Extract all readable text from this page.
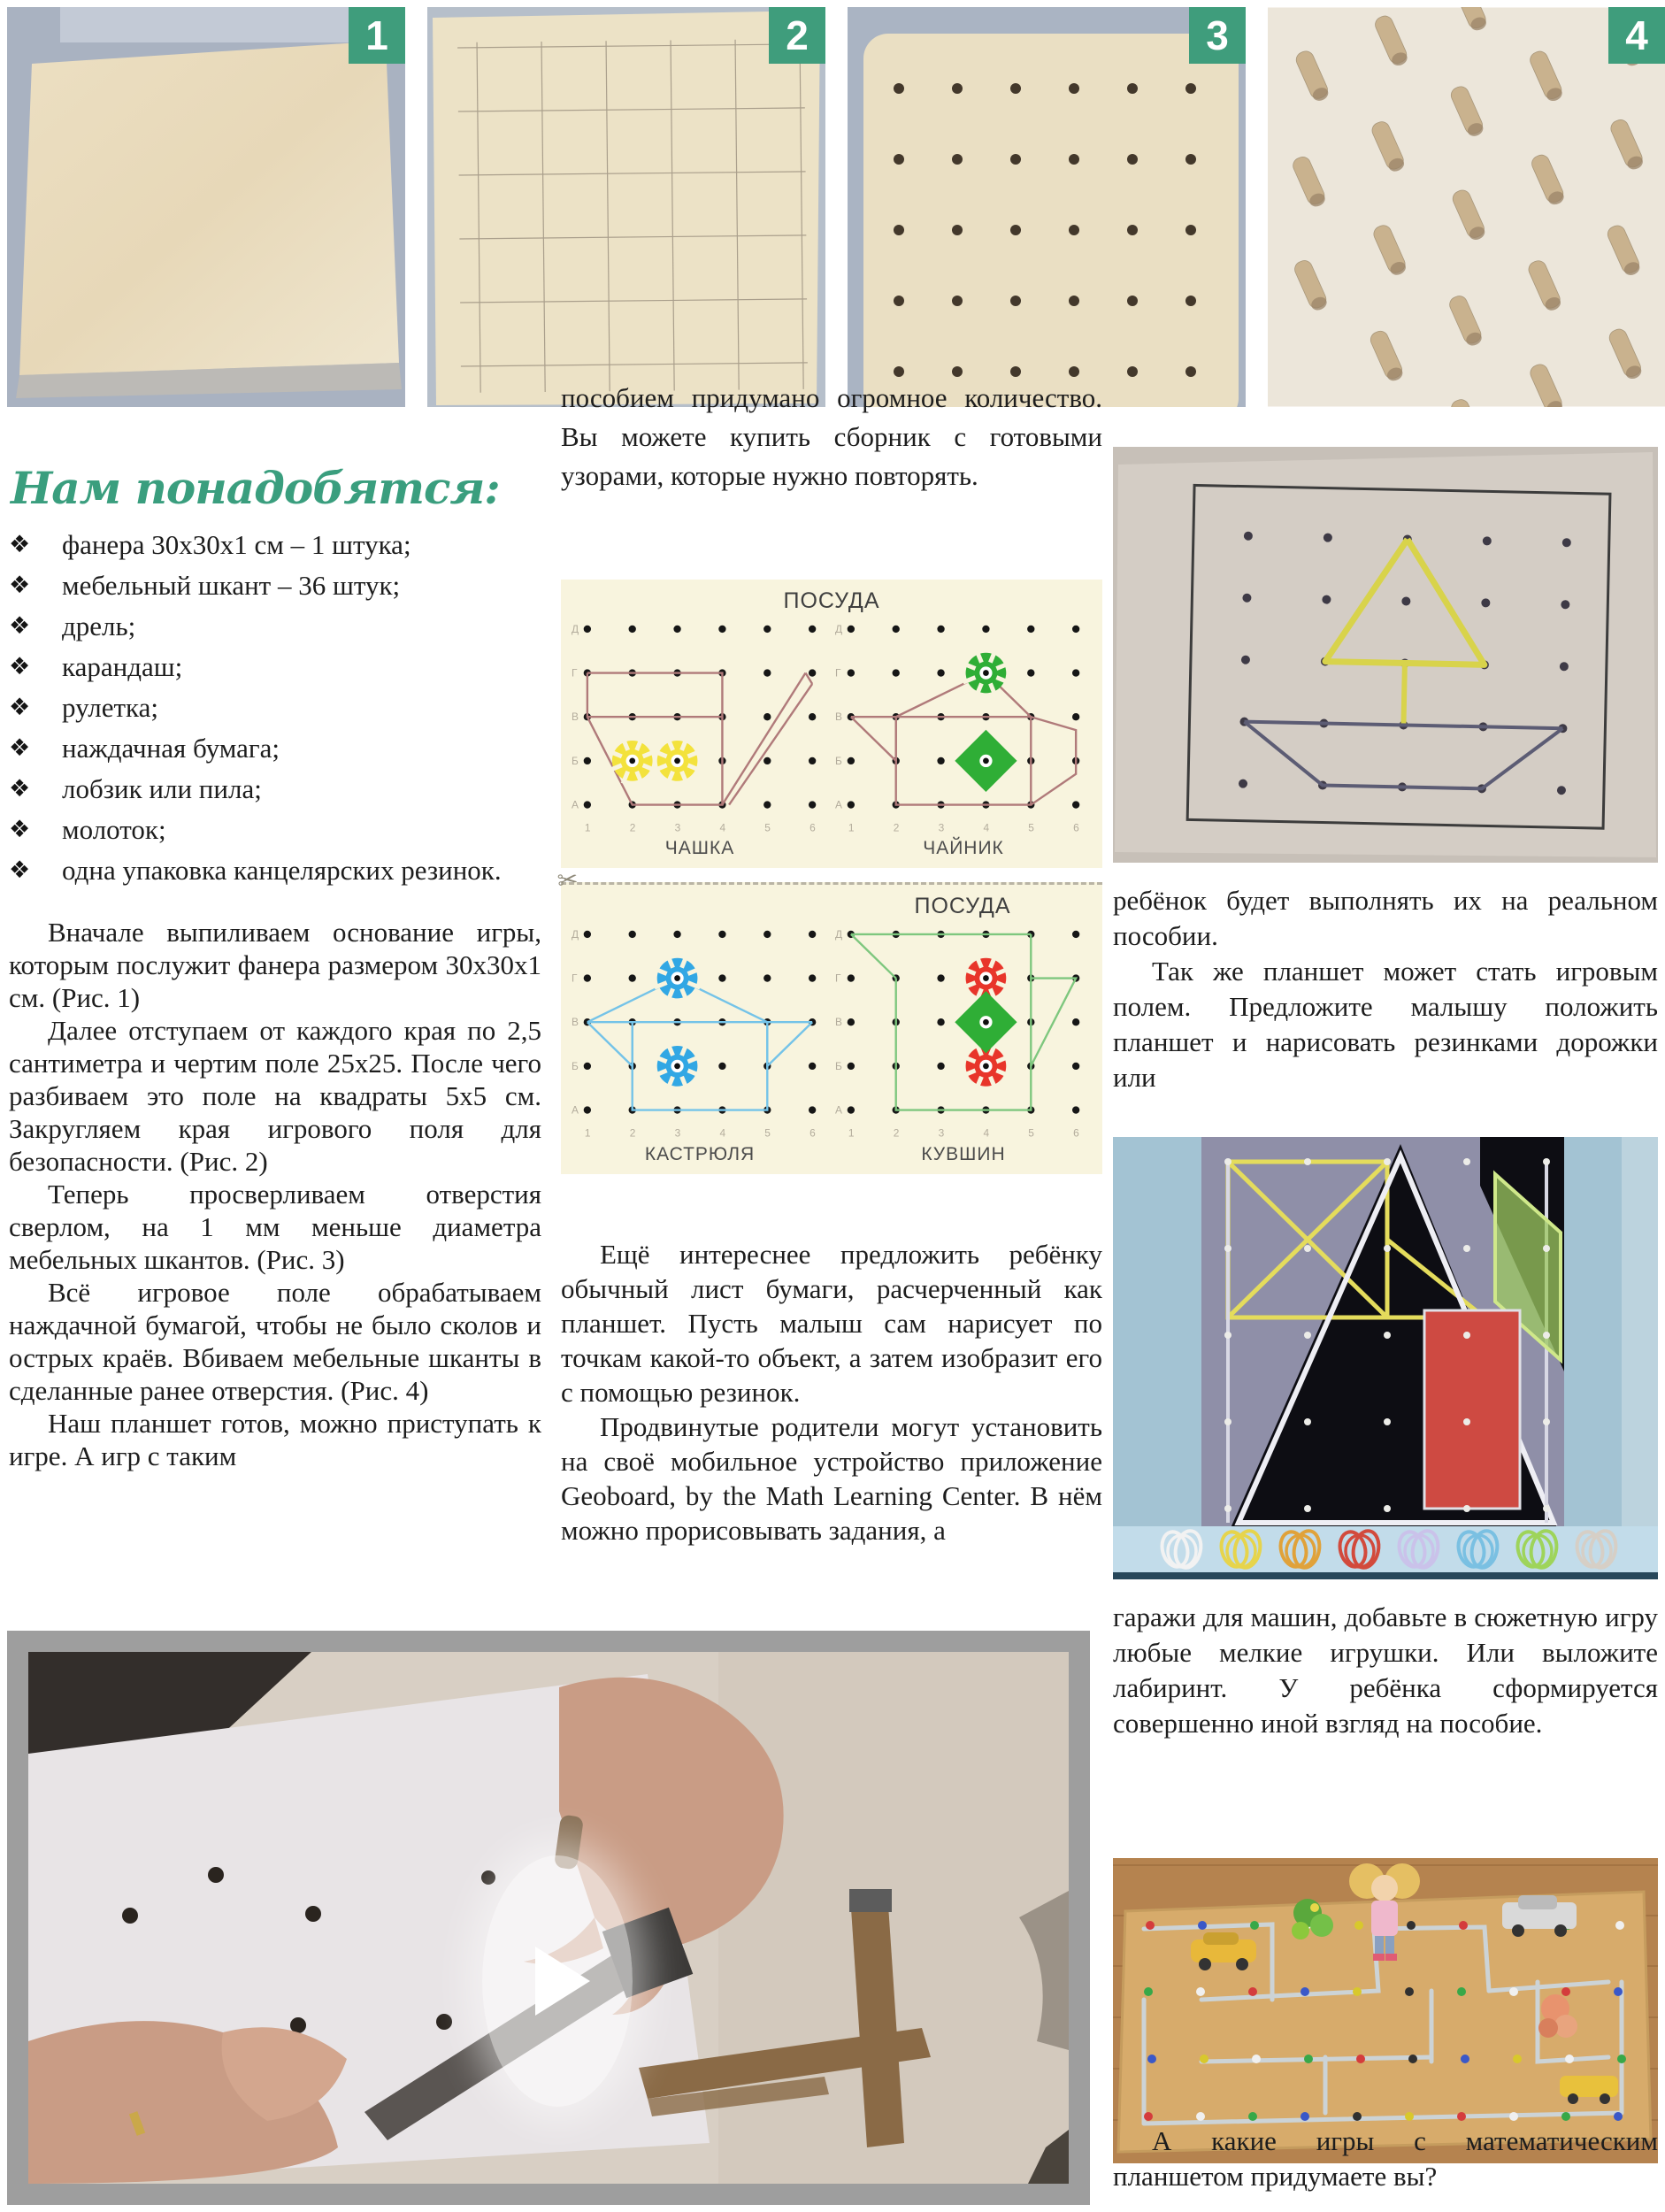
1	2	3	4
Нам понадобятся:
❖	фанера 30х30х1 см – 1 штука;
❖	мебельный шкант – 36 штук;
❖	дрель;
❖	карандаш;
❖	рулетка;
❖	наждачная бумага;
❖	лобзик или пила;
❖	молоток;
❖	одна упаковка канцелярских резинок.

Вначале выпиливаем основание игры, которым послужит фанера размером 30х30х1 см. (Рис. 1)

Далее отступаем от каждого края по 2,5 сантиметра и чертим поле 25х25. После чего разбиваем это поле на квадраты 5х5 см. Закругляем края игрового поля для безопасности. (Рис. 2)

Теперь просверливаем отверстия сверлом, на 1 мм меньше диаметра мебельных шкантов. (Рис. 3)

Всё игровое поле обрабатываем наждачной бумагой, чтобы не было сколов и острых краёв. Вбиваем мебельные шканты в сделанные ранее отверстия. (Рис. 4)

Наш планшет готов, можно приступать к игре. А игр с таким

пособием придумано огромное количество. Вы можете купить сборник с готовыми узорами, которые нужно повторять.

ПОСУДА
Д
Г
В
Б
А
1	2	3	4	5	6
ЧАШКА
Д
Г
В
Б
А
1	2	3	4	5	6
ЧАЙНИК
✂
ПОСУДА
Д
Г
В
Б
А
1	2	3	4	5	6
КАСТРЮЛЯ
Д
Г
В
Б
А
1	2	3	4	5	6
КУВШИН

Ещё интереснее предложить ребёнку обычный лист бумаги, расчерченный как планшет. Пусть малыш сам нарисует по точкам какой-то объект, а затем изобразит его с помощью резинок.

Продвинутые родители могут установить на своё мобильное устройство приложение Geoboard, by the Math Learning Center. В нём можно прорисовывать задания, а

ребёнок будет выполнять их на реальном пособии.

Так же планшет может стать игровым полем. Предложите малышу положить планшет и нарисовать резинками дорожки или

гаражи для машин, добавьте в сюжетную игру любые мелкие игрушки. Или выложите лабиринт. У ребёнка сформируется совершенно иной взгляд на пособие.

А какие игры с математическим планшетом придумаете вы?
